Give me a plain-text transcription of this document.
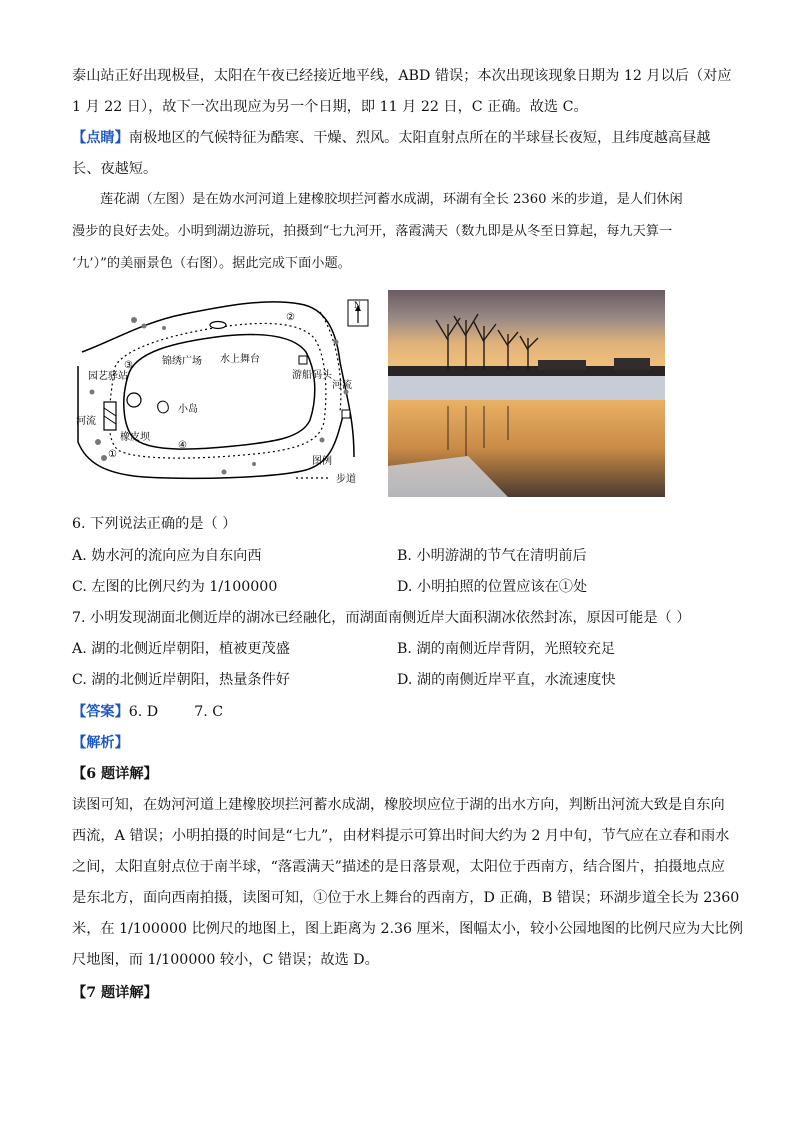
泰山站正好出现极昼，太阳在午夜已经接近地平线，ABD 错误；本次出现该现象日期为 12 月以后（对应
1 月 22 日），故下一次出现应为另一个日期，即 11 月 22 日，C 正确。故选 C。
【点睛】南极地区的气候特征为酷寒、干燥、烈风。太阳直射点所在的半球昼长夜短，且纬度越高昼越
长、夜越短。
莲花湖（左图）是在妫水河河道上建橡胶坝拦河蓄水成湖，环湖有全长 2360 米的步道，是人们休闲
漫步的良好去处。小明到湖边游玩，拍摄到“七九河开，落霞满天（数九即是从冬至日算起，每九天算一
‘九’）”的美丽景色（右图）。据此完成下面小题。
N
园艺驿站
锦绣广场 水上舞台
游船码头
小岛
河流
河流
橡皮坝
①
②
③
④
图例
步道
6. 下列说法正确的是（ ）
A. 妫水河的流向应为自东向西	B. 小明游湖的节气在清明前后
C. 左图的比例尺约为 1/100000	D. 小明拍照的位置应该在①处
7. 小明发现湖面北侧近岸的湖冰已经融化，而湖面南侧近岸大面积湖冰依然封冻，原因可能是（ ）
A. 湖的北侧近岸朝阳，植被更茂盛	B. 湖的南侧近岸背阴，光照较充足
C. 湖的北侧近岸朝阳，热量条件好	D. 湖的南侧近岸平直，水流速度快
【答案】6. D        7. C
【解析】
【6 题详解】
读图可知，在妫河河道上建橡胶坝拦河蓄水成湖，橡胶坝应位于湖的出水方向，判断出河流大致是自东向
西流，A 错误；小明拍摄的时间是“七九”，由材料提示可算出时间大约为 2 月中旬，节气应在立春和雨水
之间，太阳直射点位于南半球，“落霞满天”描述的是日落景观，太阳位于西南方，结合图片，拍摄地点应
是东北方，面向西南拍摄，读图可知，①位于水上舞台的西南方，D 正确，B 错误；环湖步道全长为 2360
米，在 1/100000 比例尺的地图上，图上距离为 2.36 厘米，图幅太小，较小公园地图的比例尺应为大比例
尺地图，而 1/100000 较小，C 错误；故选 D。
【7 题详解】
